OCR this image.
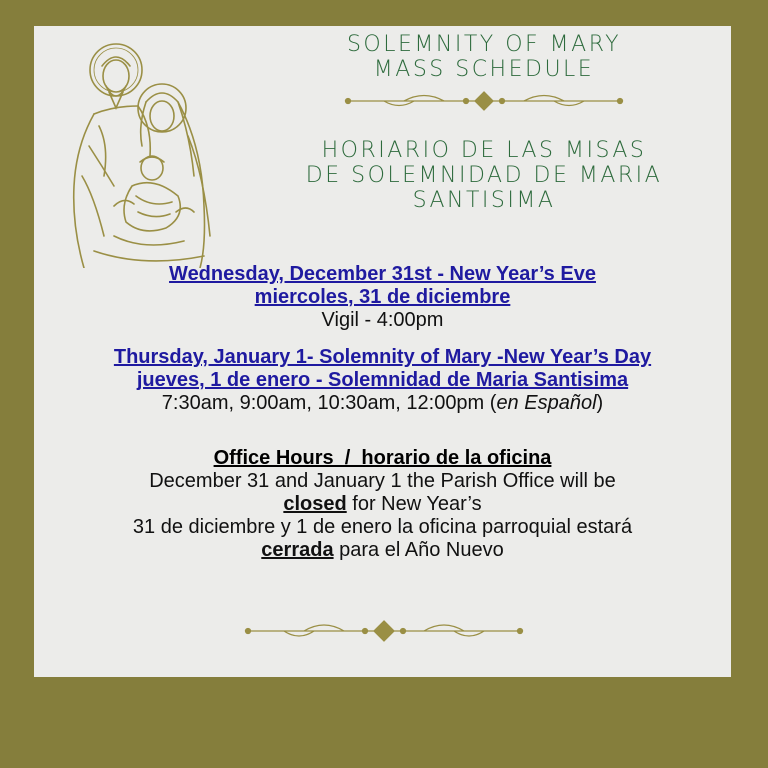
SOLEMNITY OF MARY
MASS SCHEDULE
HORIARIO DE LAS MISAS
DE SOLEMNIDAD DE MARIA
SANTISIMA
Wednesday, December 31st - New Year’s Eve
miercoles, 31 de diciembre
Vigil - 4:00pm
Thursday, January 1- Solemnity of Mary -New Year’s Day
jueves, 1 de enero - Solemnidad de Maria Santisima
7:30am, 9:00am, 10:30am, 12:00pm (en Español)
Office Hours  /  horario de la oficina
December 31 and January 1 the Parish Office will be
closed for New Year’s
31 de diciembre y 1 de enero la oficina parroquial estará
cerrada para el Año Nuevo
